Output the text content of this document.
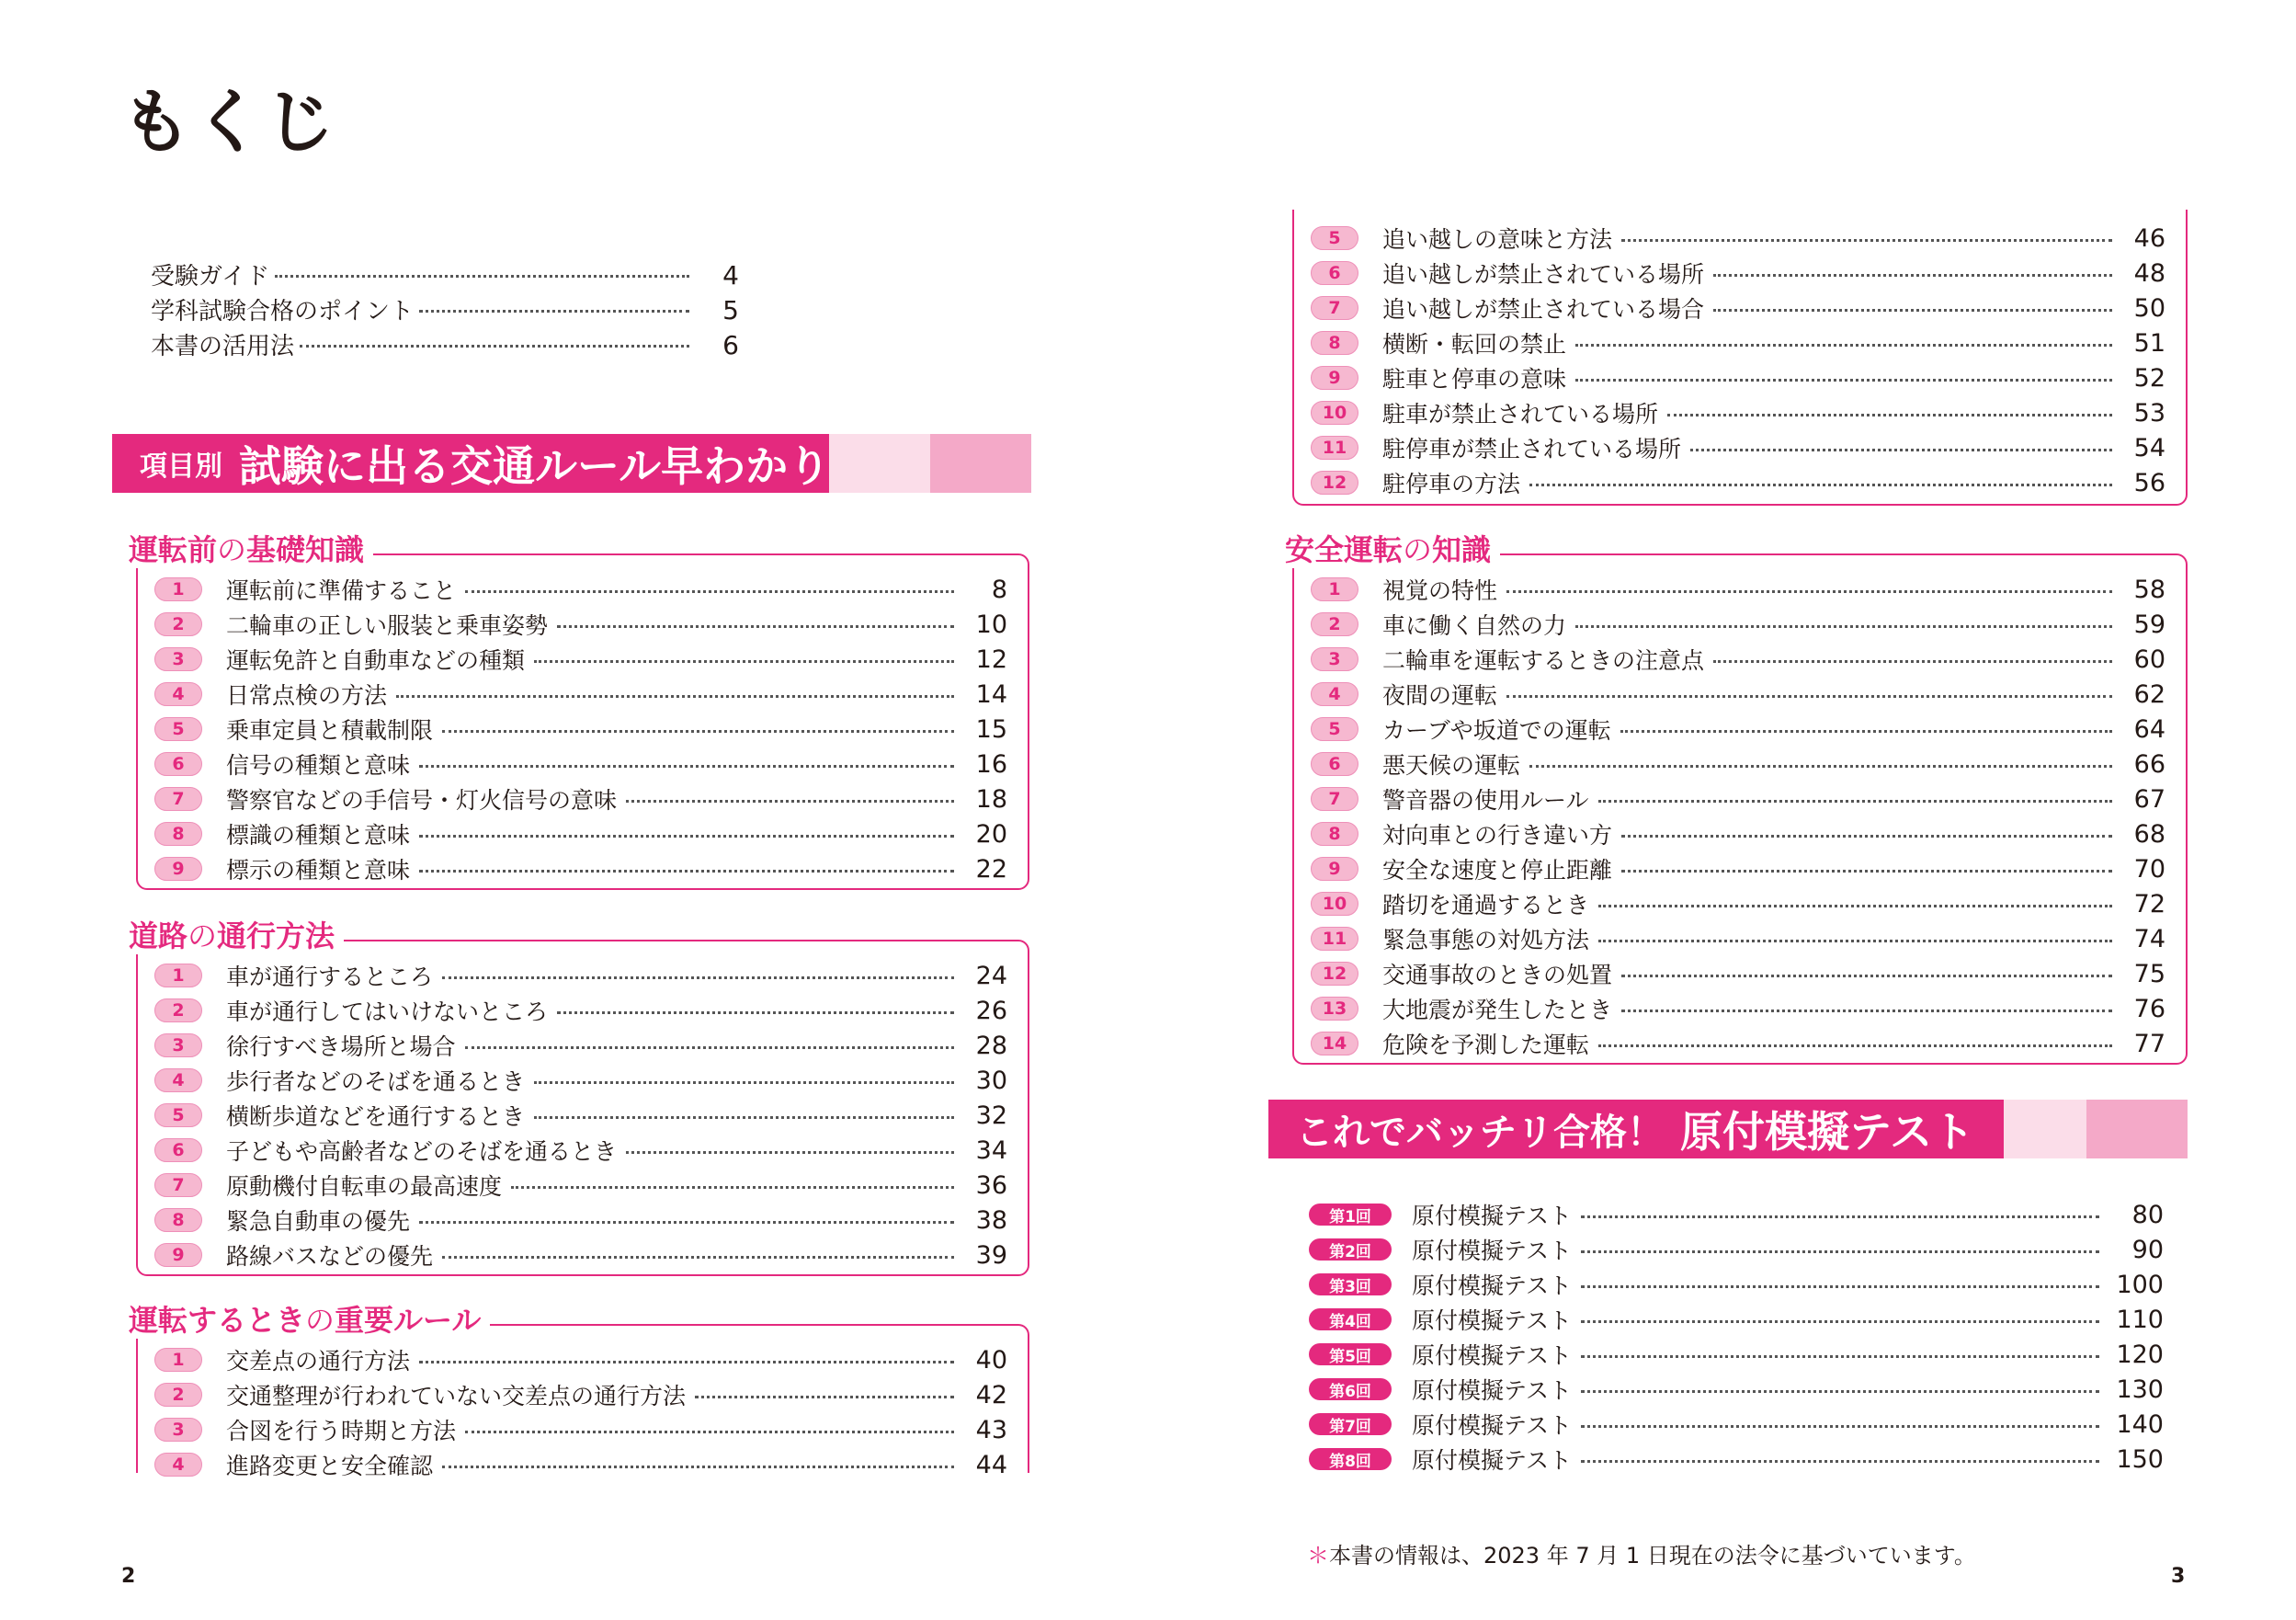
もくじ
受験ガイド	4
学科試験合格のポイント	5
本書の活用法	6
項目別 試験に出る交通ルール早わかり
運転前の基礎知識
1	運転前に準備すること	8
2	二輪車の正しい服装と乗車姿勢	10
3	運転免許と自動車などの種類	12
4	日常点検の方法	14
5	乗車定員と積載制限	15
6	信号の種類と意味	16
7	警察官などの手信号・灯火信号の意味	18
8	標識の種類と意味	20
9	標示の種類と意味	22
道路の通行方法
1	車が通行するところ	24
2	車が通行してはいけないところ	26
3	徐行すべき場所と場合	28
4	歩行者などのそばを通るとき	30
5	横断歩道などを通行するとき	32
6	子どもや高齢者などのそばを通るとき	34
7	原動機付自転車の最高速度	36
8	緊急自動車の優先	38
9	路線バスなどの優先	39
運転するときの重要ルール
1	交差点の通行方法	40
2	交通整理が行われていない交差点の通行方法	42
3	合図を行う時期と方法	43
4	進路変更と安全確認	44
5	追い越しの意味と方法	46
6	追い越しが禁止されている場所	48
7	追い越しが禁止されている場合	50
8	横断・転回の禁止	51
9	駐車と停車の意味	52
10	駐車が禁止されている場所	53
11	駐停車が禁止されている場所	54
12	駐停車の方法	56
安全運転の知識
1	視覚の特性	58
2	車に働く自然の力	59
3	二輪車を運転するときの注意点	60
4	夜間の運転	62
5	カーブや坂道での運転	64
6	悪天候の運転	66
7	警音器の使用ルール	67
8	対向車との行き違い方	68
9	安全な速度と停止距離	70
10	踏切を通過するとき	72
11	緊急事態の対処方法	74
12	交通事故のときの処置	75
13	大地震が発生したとき	76
14	危険を予測した運転	77
これでバッチリ合格！ 原付模擬テスト
第1回	原付模擬テスト	80
第2回	原付模擬テスト	90
第3回	原付模擬テスト	100
第4回	原付模擬テスト	110
第5回	原付模擬テスト	120
第6回	原付模擬テスト	130
第7回	原付模擬テスト	140
第8回	原付模擬テスト	150
＊本書の情報は、2023 年 7 月 1 日現在の法令に基づいています。
2	3
